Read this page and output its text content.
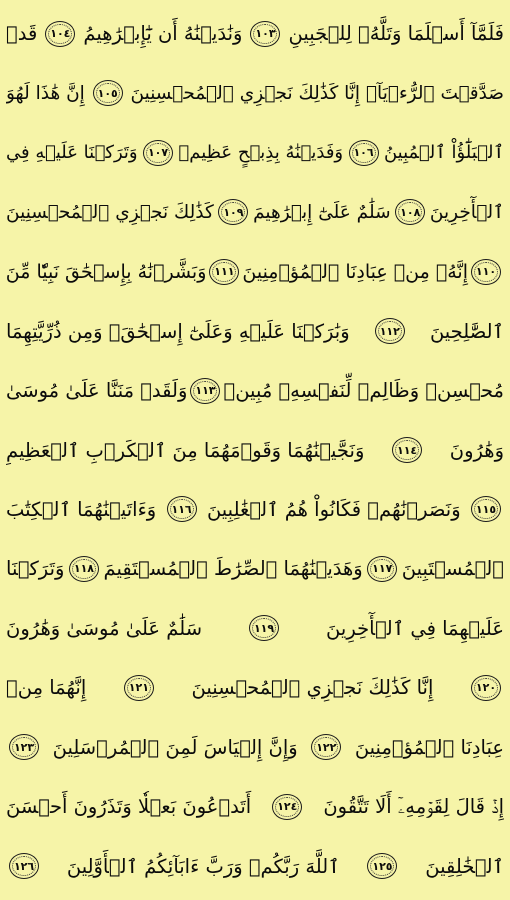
فَلَمَّآ أَسۡلَمَا وَتَلَّهُۥ لِلۡجَبِينِ
١٠٣
وَنَٰدَيۡنَٰهُ أَن يَٰٓإِبۡرَٰهِيمُ
١٠٤
قَدۡ
صَدَّقۡتَ ٱلرُّءۡيَآۚ إِنَّا كَذَٰلِكَ نَجۡزِي ٱلۡمُحۡسِنِينَ
١٠٥
إِنَّ هَٰذَا لَهُوَ
ٱلۡبَلَٰٓؤُاْ ٱلۡمُبِينُ
١٠٦
وَفَدَيۡنَٰهُ بِذِبۡحٍ عَظِيمٖ
١٠٧
وَتَرَكۡنَا عَلَيۡهِ فِي
ٱلۡأٓخِرِينَ
١٠٨
سَلَٰمٌ عَلَىٰٓ إِبۡرَٰهِيمَ
١٠٩
كَذَٰلِكَ نَجۡزِي ٱلۡمُحۡسِنِينَ
١١٠
إِنَّهُۥ مِنۡ عِبَادِنَا ٱلۡمُؤۡمِنِينَ
١١١
وَبَشَّرۡنَٰهُ بِإِسۡحَٰقَ نَبِيّٗا مِّنَ
ٱلصَّٰلِحِينَ
١١٢
وَبَٰرَكۡنَا عَلَيۡهِ وَعَلَىٰٓ إِسۡحَٰقَۚ وَمِن ذُرِّيَّتِهِمَا
مُحۡسِنٞ وَظَالِمٞ لِّنَفۡسِهِۦ مُبِينٞ
١١٣
وَلَقَدۡ مَنَنَّا عَلَىٰ مُوسَىٰ
وَهَٰرُونَ
١١٤
وَنَجَّيۡنَٰهُمَا وَقَوۡمَهُمَا مِنَ ٱلۡكَرۡبِ ٱلۡعَظِيمِ
١١٥
وَنَصَرۡنَٰهُمۡ فَكَانُواْ هُمُ ٱلۡغَٰلِبِينَ
١١٦
وَءَاتَيۡنَٰهُمَا ٱلۡكِتَٰبَ
ٱلۡمُسۡتَبِينَ
١١٧
وَهَدَيۡنَٰهُمَا ٱلصِّرَٰطَ ٱلۡمُسۡتَقِيمَ
١١٨
وَتَرَكۡنَا
عَلَيۡهِمَا فِي ٱلۡأٓخِرِينَ
١١٩
سَلَٰمٌ عَلَىٰ مُوسَىٰ وَهَٰرُونَ
١٢٠
إِنَّا كَذَٰلِكَ نَجۡزِي ٱلۡمُحۡسِنِينَ
١٢١
إِنَّهُمَا مِنۡ
عِبَادِنَا ٱلۡمُؤۡمِنِينَ
١٢٢
وَإِنَّ إِلۡيَاسَ لَمِنَ ٱلۡمُرۡسَلِينَ
١٢٣
إِذۡ قَالَ لِقَوۡمِهِۦٓ أَلَا تَتَّقُونَ
١٢٤
أَتَدۡعُونَ بَعۡلٗا وَتَذَرُونَ أَحۡسَنَ
ٱلۡخَٰلِقِينَ
١٢٥
ٱللَّهَ رَبَّكُمۡ وَرَبَّ ءَابَآئِكُمُ ٱلۡأَوَّلِينَ
١٢٦
